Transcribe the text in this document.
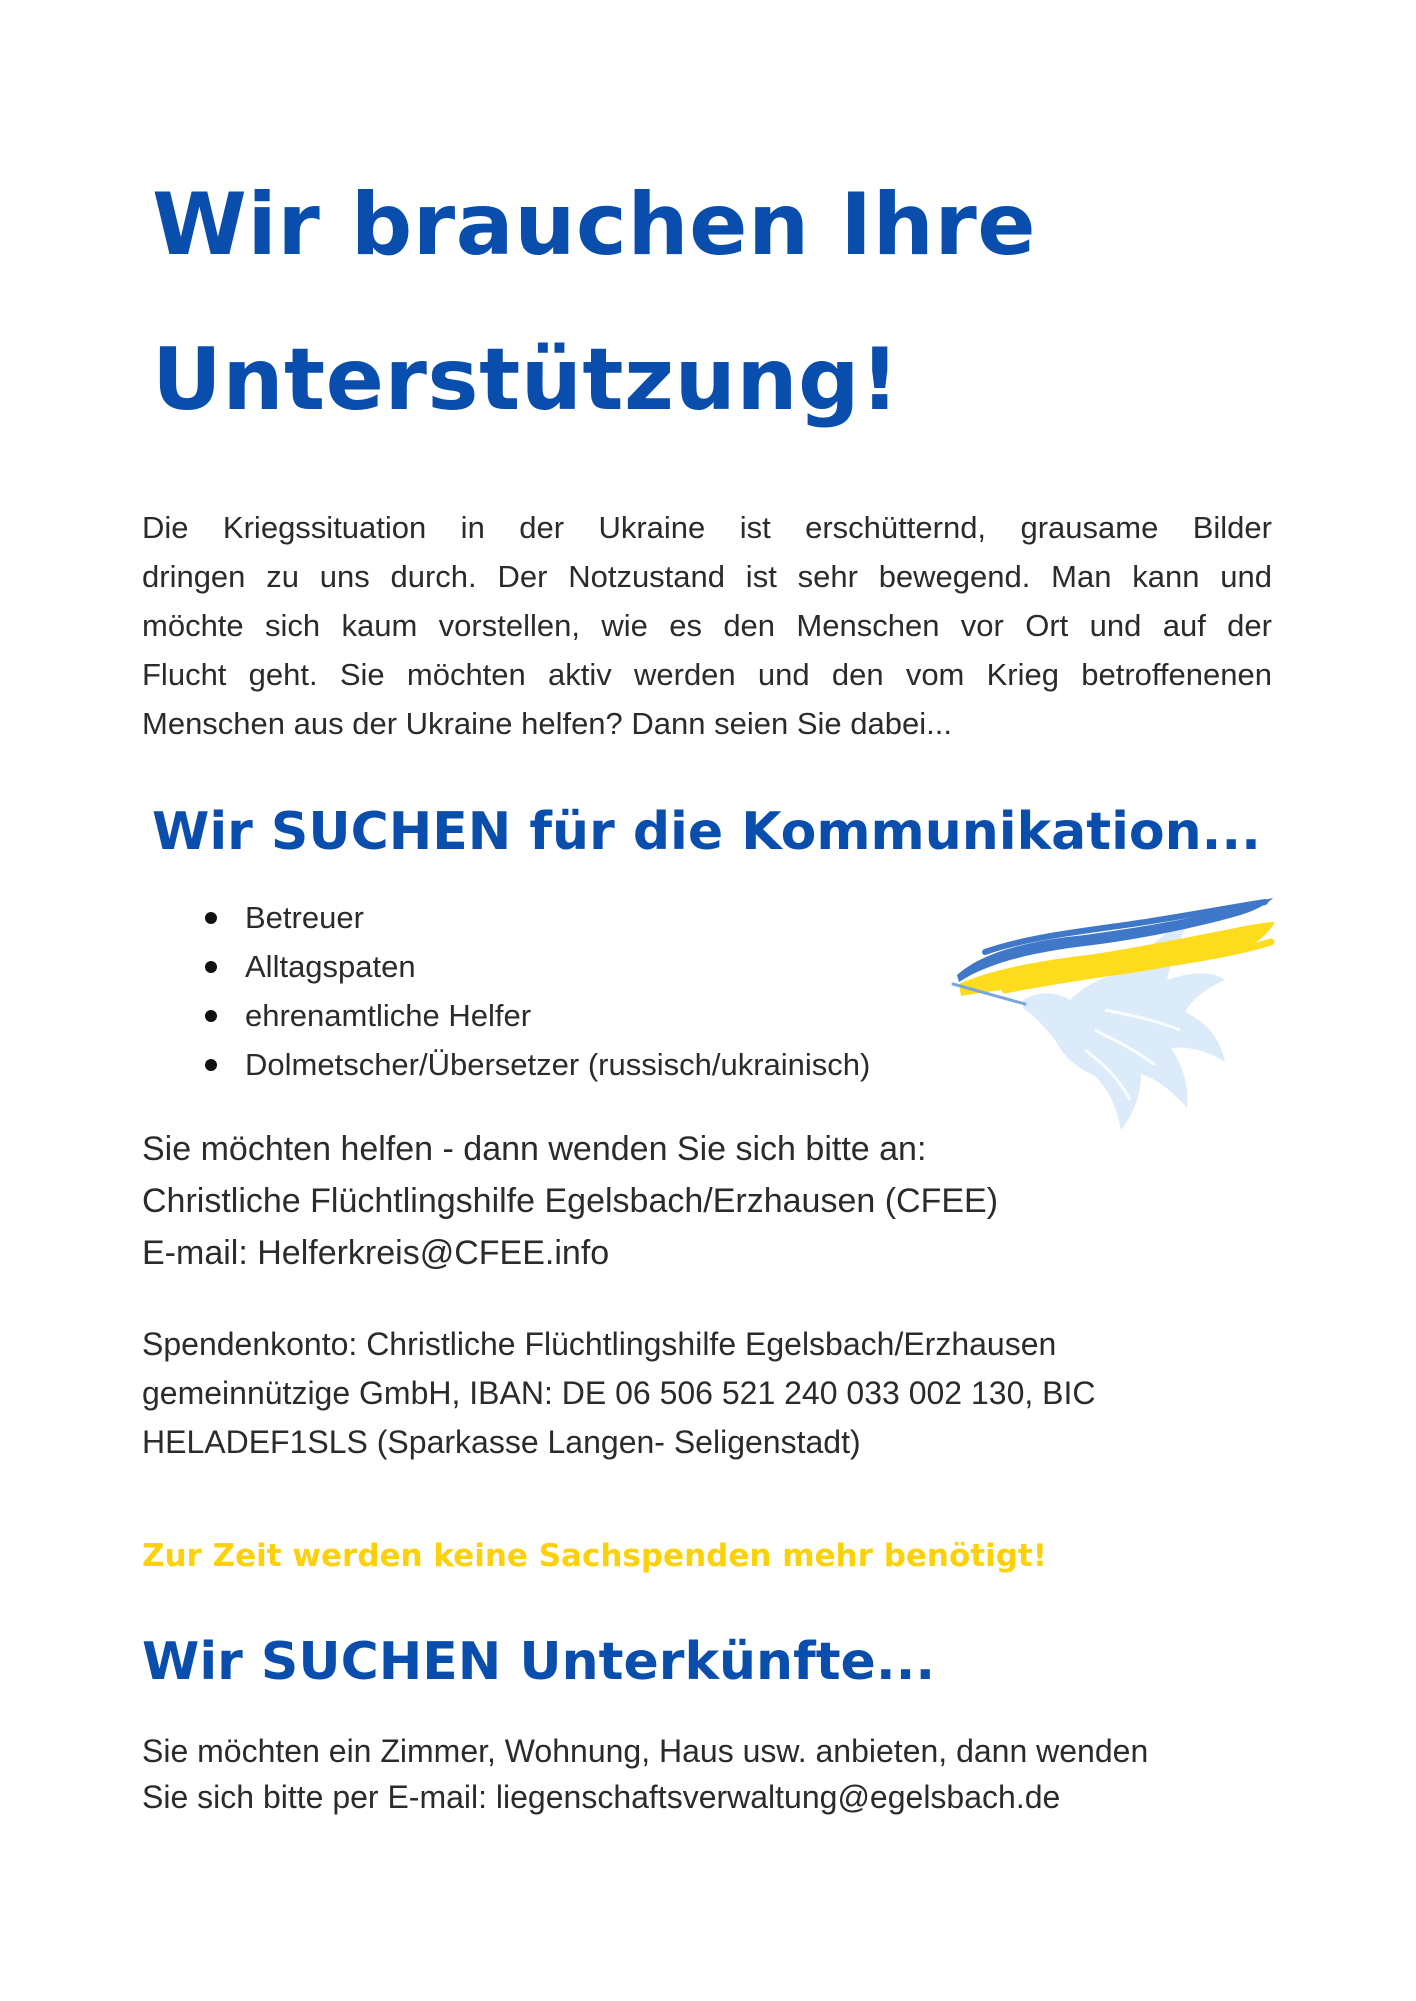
Wir brauchen Ihre
Unterstützung!

Die Kriegssituation in der Ukraine ist erschütternd, grausame Bilder
dringen zu uns durch. Der Notzustand ist sehr bewegend. Man kann und
möchte sich kaum vorstellen, wie es den Menschen vor Ort und auf der
Flucht geht. Sie möchten aktiv werden und den vom Krieg betroffenenen
Menschen aus der Ukraine helfen? Dann seien Sie dabei...

Wir SUCHEN für die Kommunikation...
Betreuer
Alltagspaten
ehrenamtliche Helfer
Dolmetscher/Übersetzer (russisch/ukrainisch)
Sie möchten helfen - dann wenden Sie sich bitte an:
Christliche Flüchtlingshilfe Egelsbach/Erzhausen (CFEE)
E-mail: Helferkreis@CFEE.info
Spendenkonto: Christliche Flüchtlingshilfe Egelsbach/Erzhausen
gemeinnützige GmbH, IBAN: DE 06 506 521 240 033 002 130, BIC
HELADEF1SLS (Sparkasse Langen- Seligenstadt)
Zur Zeit werden keine Sachspenden mehr benötigt!
Wir SUCHEN Unterkünfte...
Sie möchten ein Zimmer, Wohnung, Haus usw. anbieten, dann wenden
Sie sich bitte per E-mail: liegenschaftsverwaltung@egelsbach.de
